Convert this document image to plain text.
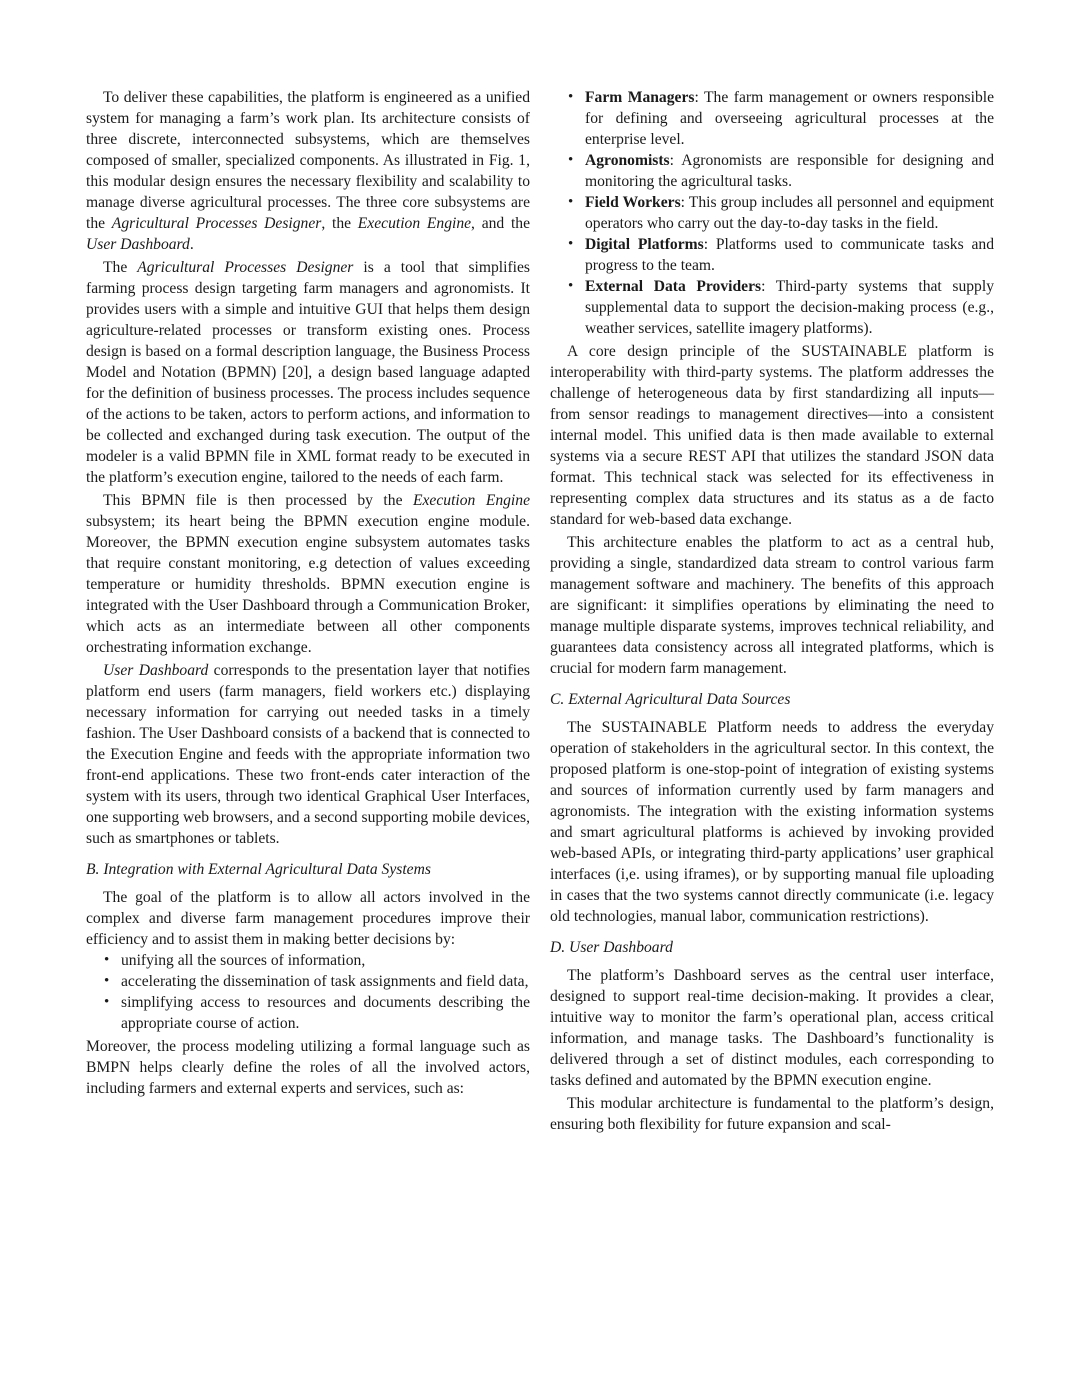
To deliver these capabilities, the platform is engineered as a unified system for managing a farm’s work plan. Its architecture consists of three discrete, interconnected subsystems, which are themselves composed of smaller, specialized components. As illustrated in Fig. 1, this modular design ensures the necessary flexibility and scalability to manage diverse agricultural processes. The three core subsystems are the Agricultural Processes Designer, the Execution Engine, and the User Dashboard.

The Agricultural Processes Designer is a tool that simplifies farming process design targeting farm managers and agronomists. It provides users with a simple and intuitive GUI that helps them design agriculture-related processes or transform existing ones. Process design is based on a formal description language, the Business Process Model and Notation (BPMN) [20], a design based language adapted for the definition of business processes. The process includes sequence of the actions to be taken, actors to perform actions, and information to be collected and exchanged during task execution. The output of the modeler is a valid BPMN file in XML format ready to be executed in the platform’s execution engine, tailored to the needs of each farm.

This BPMN file is then processed by the Execution Engine subsystem; its heart being the BPMN execution engine module. Moreover, the BPMN execution engine subsystem automates tasks that require constant monitoring, e.g detection of values exceeding temperature or humidity thresholds. BPMN execution engine is integrated with the User Dashboard through a Communication Broker, which acts as an intermediate between all other components orchestrating information exchange.

User Dashboard corresponds to the presentation layer that notifies platform end users (farm managers, field workers etc.) displaying necessary information for carrying out needed tasks in a timely fashion. The User Dashboard consists of a backend that is connected to the Execution Engine and feeds with the appropriate information two front-end applications. These two front-ends cater interaction of the system with its users, through two identical Graphical User Interfaces, one supporting web browsers, and a second supporting mobile devices, such as smartphones or tablets.

B. Integration with External Agricultural Data Systems

The goal of the platform is to allow all actors involved in the complex and diverse farm management procedures improve their efficiency and to assist them in making better decisions by:

• unifying all the sources of information,
• accelerating the dissemination of task assignments and field data,
• simplifying access to resources and documents describing the appropriate course of action.

Moreover, the process modeling utilizing a formal language such as BMPN helps clearly define the roles of all the involved actors, including farmers and external experts and services, such as:

• Farm Managers: The farm management or owners responsible for defining and overseeing agricultural processes at the enterprise level.
• Agronomists: Agronomists are responsible for designing and monitoring the agricultural tasks.
• Field Workers: This group includes all personnel and equipment operators who carry out the day-to-day tasks in the field.
• Digital Platforms: Platforms used to communicate tasks and progress to the team.
• External Data Providers: Third-party systems that supply supplemental data to support the decision-making process (e.g., weather services, satellite imagery platforms).

A core design principle of the SUSTAINABLE platform is interoperability with third-party systems. The platform addresses the challenge of heterogeneous data by first standardizing all inputs—from sensor readings to management directives—into a consistent internal model. This unified data is then made available to external systems via a secure REST API that utilizes the standard JSON data format. This technical stack was selected for its effectiveness in representing complex data structures and its status as a de facto standard for web-based data exchange.

This architecture enables the platform to act as a central hub, providing a single, standardized data stream to control various farm management software and machinery. The benefits of this approach are significant: it simplifies operations by eliminating the need to manage multiple disparate systems, improves technical reliability, and guarantees data consistency across all integrated platforms, which is crucial for modern farm management.

C. External Agricultural Data Sources

The SUSTAINABLE Platform needs to address the everyday operation of stakeholders in the agricultural sector. In this context, the proposed platform is one-stop-point of integration of existing systems and sources of information currently used by farm managers and agronomists. The integration with the existing information systems and smart agricultural platforms is achieved by invoking provided web-based APIs, or integrating third-party applications’ user graphical interfaces (i,e. using iframes), or by supporting manual file uploading in cases that the two systems cannot directly communicate (i.e. legacy old technologies, manual labor, communication restrictions).

D. User Dashboard

The platform’s Dashboard serves as the central user interface, designed to support real-time decision-making. It provides a clear, intuitive way to monitor the farm’s operational plan, access critical information, and manage tasks. The Dashboard’s functionality is delivered through a set of distinct modules, each corresponding to tasks defined and automated by the BPMN execution engine.

This modular architecture is fundamental to the platform’s design, ensuring both flexibility for future expansion and scal-
